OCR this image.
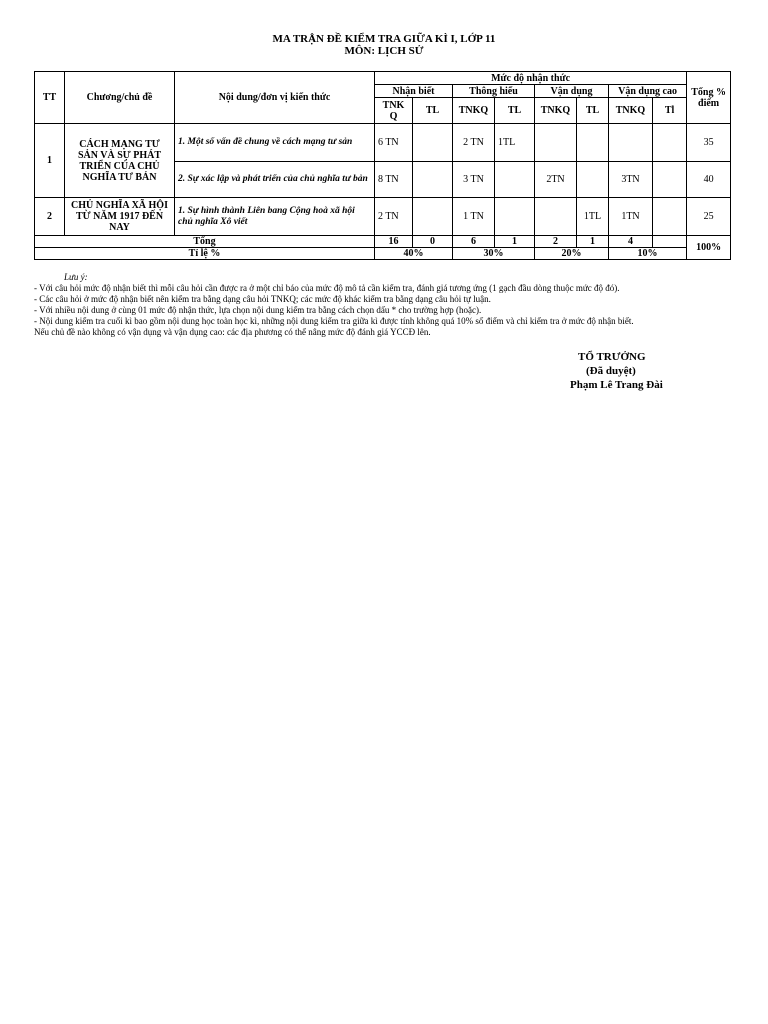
MA TRẬN ĐỀ KIỂM TRA GIỮA KÌ I, LỚP 11
MÔN: LỊCH SỬ
TT	Chương/chủ đề	Nội dung/đơn vị kiến thức	Mức độ nhận thức								Tổng % điểm
			Nhận biết		Thông hiểu		Vận dụng		Vận dụng cao		
			TNK Q	TL	TNKQ	TL	TNKQ	TL	TNKQ	Tl	
1	CÁCH MẠNG TƯ SẢN VÀ SỰ PHÁT TRIỂN CỦA CHỦ NGHĨA TƯ BẢN	1. Một số vấn đề chung về cách mạng tư sản	6 TN		2 TN	1TL					35
		2. Sự xác lập và phát triển của chủ nghĩa tư bản	8 TN		3 TN		2TN		3TN		40
2	CHỦ NGHĨA XÃ HỘI TỪ NĂM 1917 ĐẾN NAY	1. Sự hình thành Liên bang Cộng hoà xã hội chủ nghĩa Xô viết	2 TN		1 TN			1TL	1TN		25
Tổng			16	0	6	1	2	1	4		100%
Tỉ lệ %			40%		30%		20%		10%		
Lưu ý:
- Với câu hỏi mức độ nhận biết thì mỗi câu hỏi cần được ra ở một chỉ báo của mức độ mô tả cần kiểm tra, đánh giá tương ứng (1 gạch đầu dòng thuộc mức độ đó).
- Các câu hỏi ở mức độ nhận biết nên kiểm tra bằng dạng câu hỏi TNKQ; các mức độ khác kiểm tra bằng dạng câu hỏi tự luận.
- Với nhiều nội dung ở cùng 01 mức độ nhận thức, lựa chọn nội dung kiểm tra bằng cách chọn dấu * cho trường hợp (hoặc).
- Nội dung kiểm tra cuối kì bao gồm nội dung học toàn học kì, những nội dung kiểm tra giữa kì được tính không quá 10% số điểm và chỉ kiểm tra ở mức độ nhận biết.
Nếu chủ đề nào không có vận dụng và vận dụng cao: các địa phương có thể nâng mức độ đánh giá YCCĐ lên.
TỔ TRƯỞNG
(Đã duyệt)
Phạm Lê Trang Đài
